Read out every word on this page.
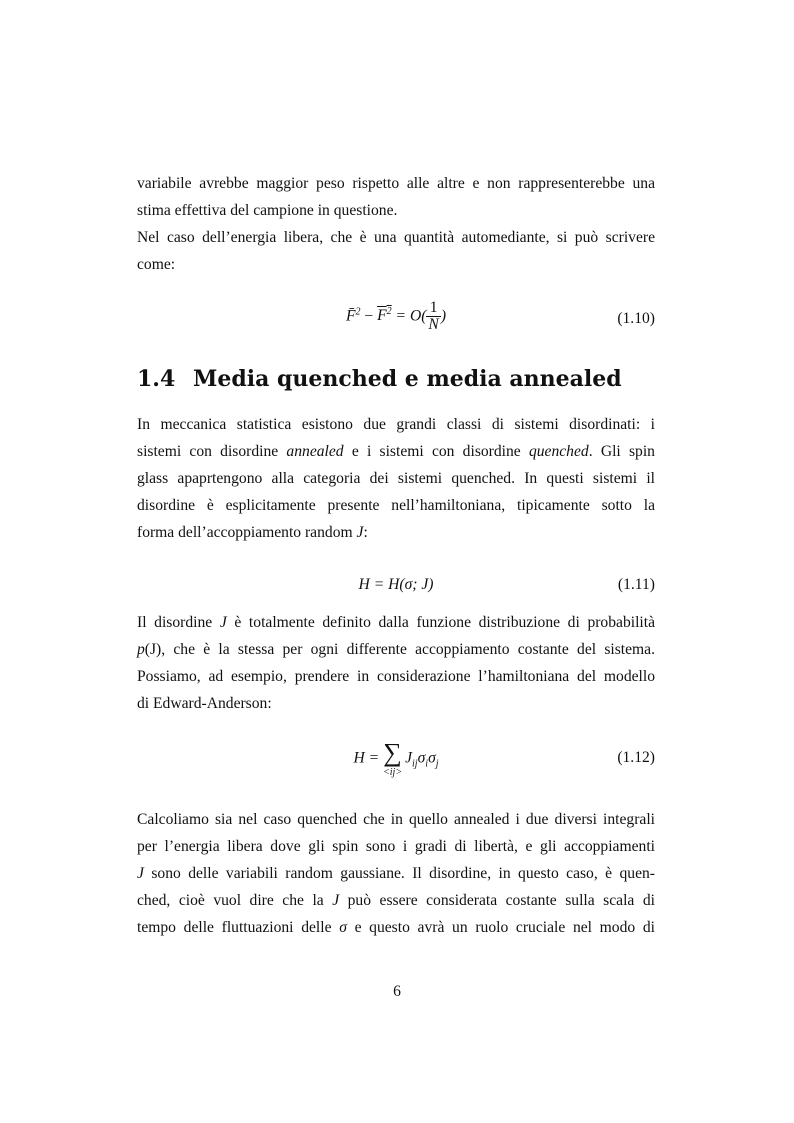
variabile avrebbe maggior peso rispetto alle altre e non rappresenterebbe una
stima effettiva del campione in questione.
Nel caso dell’energia libera, che è una quantità automediante, si può scrivere
come:
F̄$^2$ − $F^2 = O( \frac{1}{N}$ )	(1.10)
1.4 Media quenched e media annealed
In meccanica statistica esistono due grandi classi di sistemi disordinati: i
sistemi con disordine annealed e i sistemi con disordine quenched. Gli spin
glass apaprtengono alla categoria dei sistemi quenched. In questi sistemi il
disordine è esplicitamente presente nell’hamiltoniana, tipicamente sotto la
forma dell’accoppiamento random J:
H = H(σ; J)	(1.11)
Il disordine J è totalmente definito dalla funzione distribuzione di probabilità
p(J), che è la stessa per ogni differente accoppiamento costante del sistema.
Possiamo, ad esempio, prendere in considerazione l’hamiltoniana del modello
di Edward-Anderson:
H = ∑
<ij>
$J_{ij}\sigma_i\sigma_j$	(1.12)
Calcoliamo sia nel caso quenched che in quello annealed i due diversi integrali
per l’energia libera dove gli spin sono i gradi di libertà, e gli accoppiamenti
J sono delle variabili random gaussiane. Il disordine, in questo caso, è quen-
ched, cioè vuol dire che la J può essere considerata costante sulla scala di
tempo delle fluttuazioni delle σ e questo avrà un ruolo cruciale nel modo di
6
